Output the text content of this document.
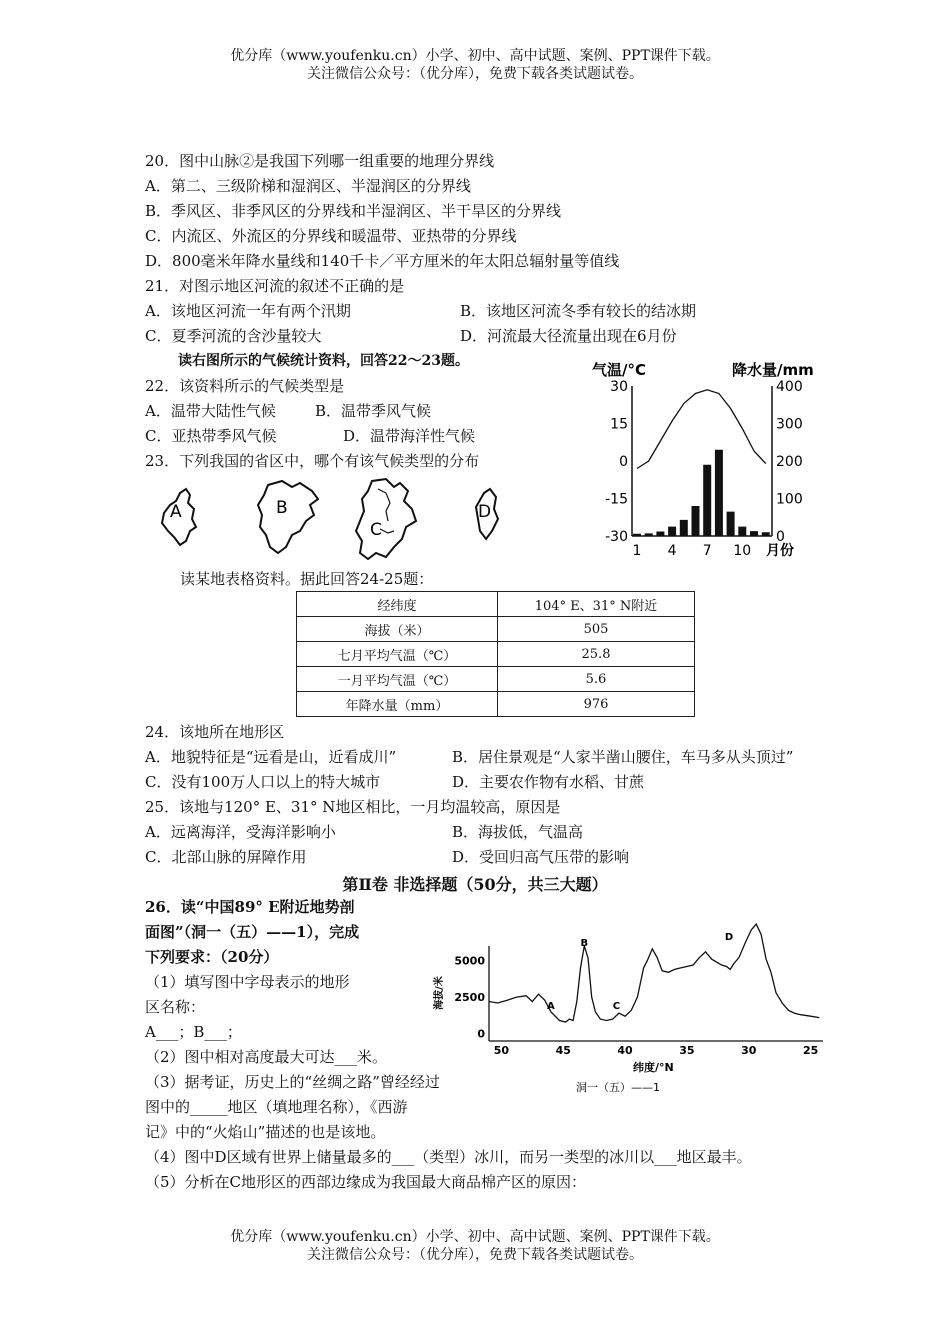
优分库（www.youfenku.cn）小学、初中、高中试题、案例、PPT课件下载。
关注微信公众号：（优分库），免费下载各类试题试卷。
20．图中山脉②是我国下列哪一组重要的地理分界线
A．第二、三级阶梯和湿润区、半湿润区的分界线
B．季风区、非季风区的分界线和半湿润区、半干旱区的分界线
C．内流区、外流区的分界线和暖温带、亚热带的分界线
D．800毫米年降水量线和140千卡／平方厘米的年太阳总辐射量等值线
21．对图示地区河流的叙述不正确的是
A．该地区河流一年有两个汛期	B．该地区河流冬季有较长的结冰期
C．夏季河流的含沙量较大	D．河流最大径流量出现在6月份
读右图所示的气候统计资料，回答22～23题。
22．该资料所示的气候类型是
A．温带大陆性气候	B．温带季风气候
C．亚热带季风气候	D．温带海洋性气候
23．下列我国的省区中，哪个有该气候类型的分布
A	B
C
D
气温/°C	降水量/mm
30
15
0
-15
-30
400
300
200
100
0
1 4 7 10 月份
读某地表格资料。据此回答24-25题：
经纬度	104° E、31° N附近
海拔（米）	505
七月平均气温（℃）	25.8
一月平均气温（℃）	5.6
年降水量（mm）	976
24．该地所在地形区
A．地貌特征是“远看是山，近看成川”	B．居住景观是“人家半凿山腰住，车马多从头顶过”
C．没有100万人口以上的特大城市	D．主要农作物有水稻、甘蔗
25．该地与120° E、31° N地区相比，一月均温较高，原因是
A．远离海洋，受海洋影响小	B．海拔低，气温高
C．北部山脉的屏障作用	D．受回归高气压带的影响
第Ⅱ卷 非选择题（50分，共三大题）
26．读“中国89° E附近地势剖
面图”（洞一（五）——1），完成
下列要求：（20分）
（1）填写图中字母表示的地形
区名称：
A___；B___；
（2）图中相对高度最大可达___米。
（3）据考证，历史上的“丝绸之路”曾经经过
图中的_____地区（填地理名称），《西游
记》中的“火焰山”描述的也是该地。
（4）图中D区域有世界上储量最多的___（类型）冰川，而另一类型的冰川以___地区最丰。
（5）分析在C地形区的西部边缘成为我国最大商品棉产区的原因：
海拔/米
5000
2500
0
50	45	40	35	30	25
A
B
C
D
纬度/°N
洞一（五）——1
优分库（www.youfenku.cn）小学、初中、高中试题、案例、PPT课件下载。
关注微信公众号：（优分库），免费下载各类试题试卷。
